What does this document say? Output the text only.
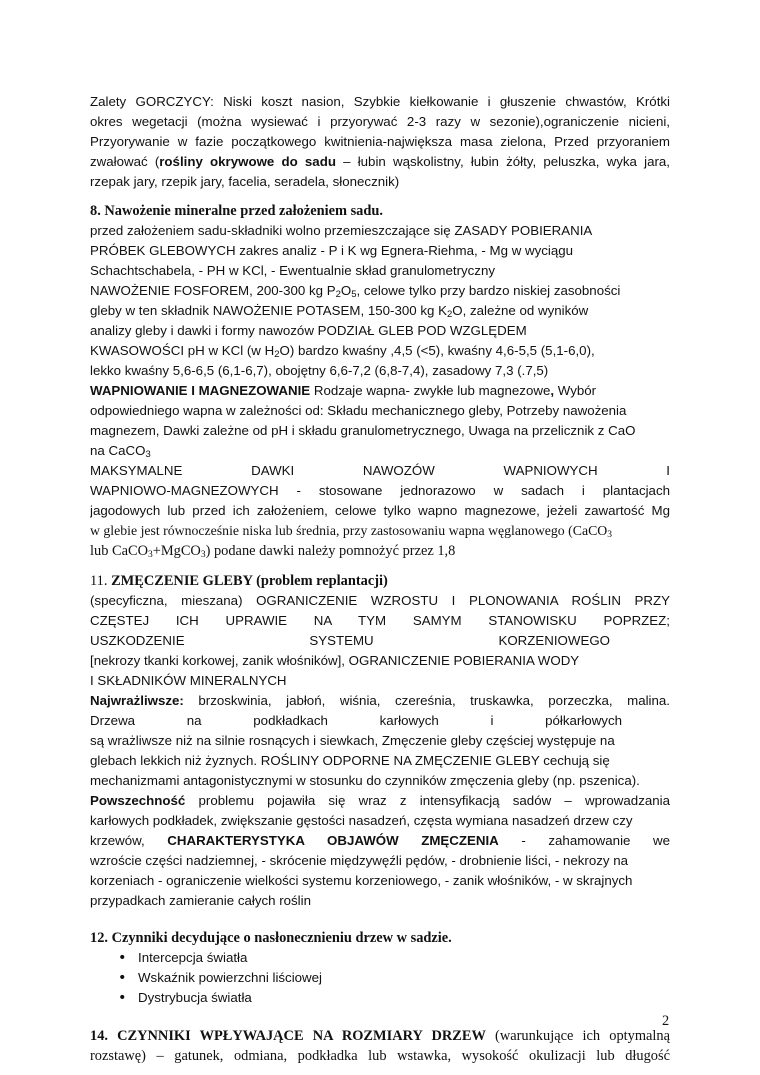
Zalety GORCZYCY: Niski koszt nasion, Szybkie kiełkowanie i głuszenie chwastów, Krótki
okres wegetacji (można wysiewać i przyorywać 2-3 razy w sezonie),ograniczenie nicieni,
Przyorywanie w fazie początkowego kwitnienia-największa masa zielona, Przed przyoraniem
zwałować (rośliny okrywowe do sadu – łubin wąskolistny, łubin żółty, peluszka, wyka jara,
rzepak jary, rzepik jary, facelia, seradela, słonecznik)
8. Nawożenie mineralne przed założeniem sadu.
przed założeniem sadu-składniki wolno przemieszczające się ZASADY POBIERANIA
PRÓBEK GLEBOWYCH zakres analiz - P i K wg Egnera-Riehma, - Mg w wyciągu
Schachtschabela, - PH w KCl, - Ewentualnie skład granulometryczny
NAWOŻENIE FOSFOREM, 200-300 kg $P_2O_5$, celowe tylko przy bardzo niskiej zasobności
gleby w ten składnik NAWOŻENIE POTASEM, 150-300 kg $K_2O$, zależne od wyników
analizy gleby i dawki i formy nawozów PODZIAŁ GLEB POD WZGLĘDEM
KWASOWOŚCI pH w KCl (w $H_2O$) bardzo kwaśny ,4,5 (<5), kwaśny 4,6-5,5 (5,1-6,0),
lekko kwaśny 5,6-6,5 (6,1-6,7), obojętny 6,6-7,2 (6,8-7,4), zasadowy 7,3 (.7,5)
WAPNIOWANIE I MAGNEZOWANIE Rodzaje wapna- zwykłe lub magnezowe, Wybór
odpowiedniego wapna w zależności od: Składu mechanicznego gleby, Potrzeby nawożenia
magnezem, Dawki zależne od pH i składu granulometrycznego, Uwaga na przelicznik z CaO
na CaCO$_3$
MAKSYMALNE DAWKI NAWOZÓW WAPNIOWYCH I
WAPNIOWO-MAGNEZOWYCH - stosowane jednorazowo w sadach i plantacjach
jagodowych lub przed ich założeniem, celowe tylko wapno magnezowe, jeżeli zawartość Mg
w glebie jest równocześnie niska lub średnia, przy zastosowaniu wapna węglanowego (CaCO$_3$
lub CaCO$_3$+MgCO$_3$) podane dawki należy pomnożyć przez 1,8
11. ZMĘCZENIE GLEBY (problem replantacji)
(specyficzna, mieszana) OGRANICZENIE WZROSTU I PLONOWANIA ROŚLIN PRZY
CZĘSTEJ ICH UPRAWIE NA TYM SAMYM STANOWISKU POPRZEZ;
USZKODZENIE SYSTEMU KORZENIOWEGO
[nekrozy tkanki korkowej, zanik włośników], OGRANICZENIE POBIERANIA WODY
I SKŁADNIKÓW MINERALNYCH
Najwrażliwsze: brzoskwinia, jabłoń, wiśnia, czereśnia, truskawka, porzeczka, malina.
Drzewa na podkładkach karłowych i półkarłowych
są wrażliwsze niż na silnie rosnących i siewkach, Zmęczenie gleby częściej występuje na
glebach lekkich niż żyznych. ROŚLINY ODPORNE NA ZMĘCZENIE GLEBY cechują się
mechanizmami antagonistycznymi w stosunku do czynników zmęczenia gleby (np. pszenica).
Powszechność problemu pojawiła się wraz z intensyfikacją sadów – wprowadzania
karłowych podkładek, zwiększanie gęstości nasadzeń, częsta wymiana nasadzeń drzew czy
krzewów, CHARAKTERYSTYKA OBJAWÓW ZMĘCZENIA - zahamowanie we
wzroście części nadziemnej, - skrócenie międzywęźli pędów, - drobnienie liści, - nekrozy na
korzeniach - ograniczenie wielkości systemu korzeniowego, - zanik włośników, - w skrajnych
przypadkach zamieranie całych roślin
12. Czynniki decydujące o nasłonecznieniu drzew w sadzie.
• Intercepcja światła
• Wskaźnik powierzchni liściowej
• Dystrybucja światła
14. CZYNNIKI WPŁYWAJĄCE NA ROZMIARY DRZEW (warunkujące ich optymalną
rozstawę) – gatunek, odmiana, podkładka lub wstawka, wysokość okulizacji lub długość
2
